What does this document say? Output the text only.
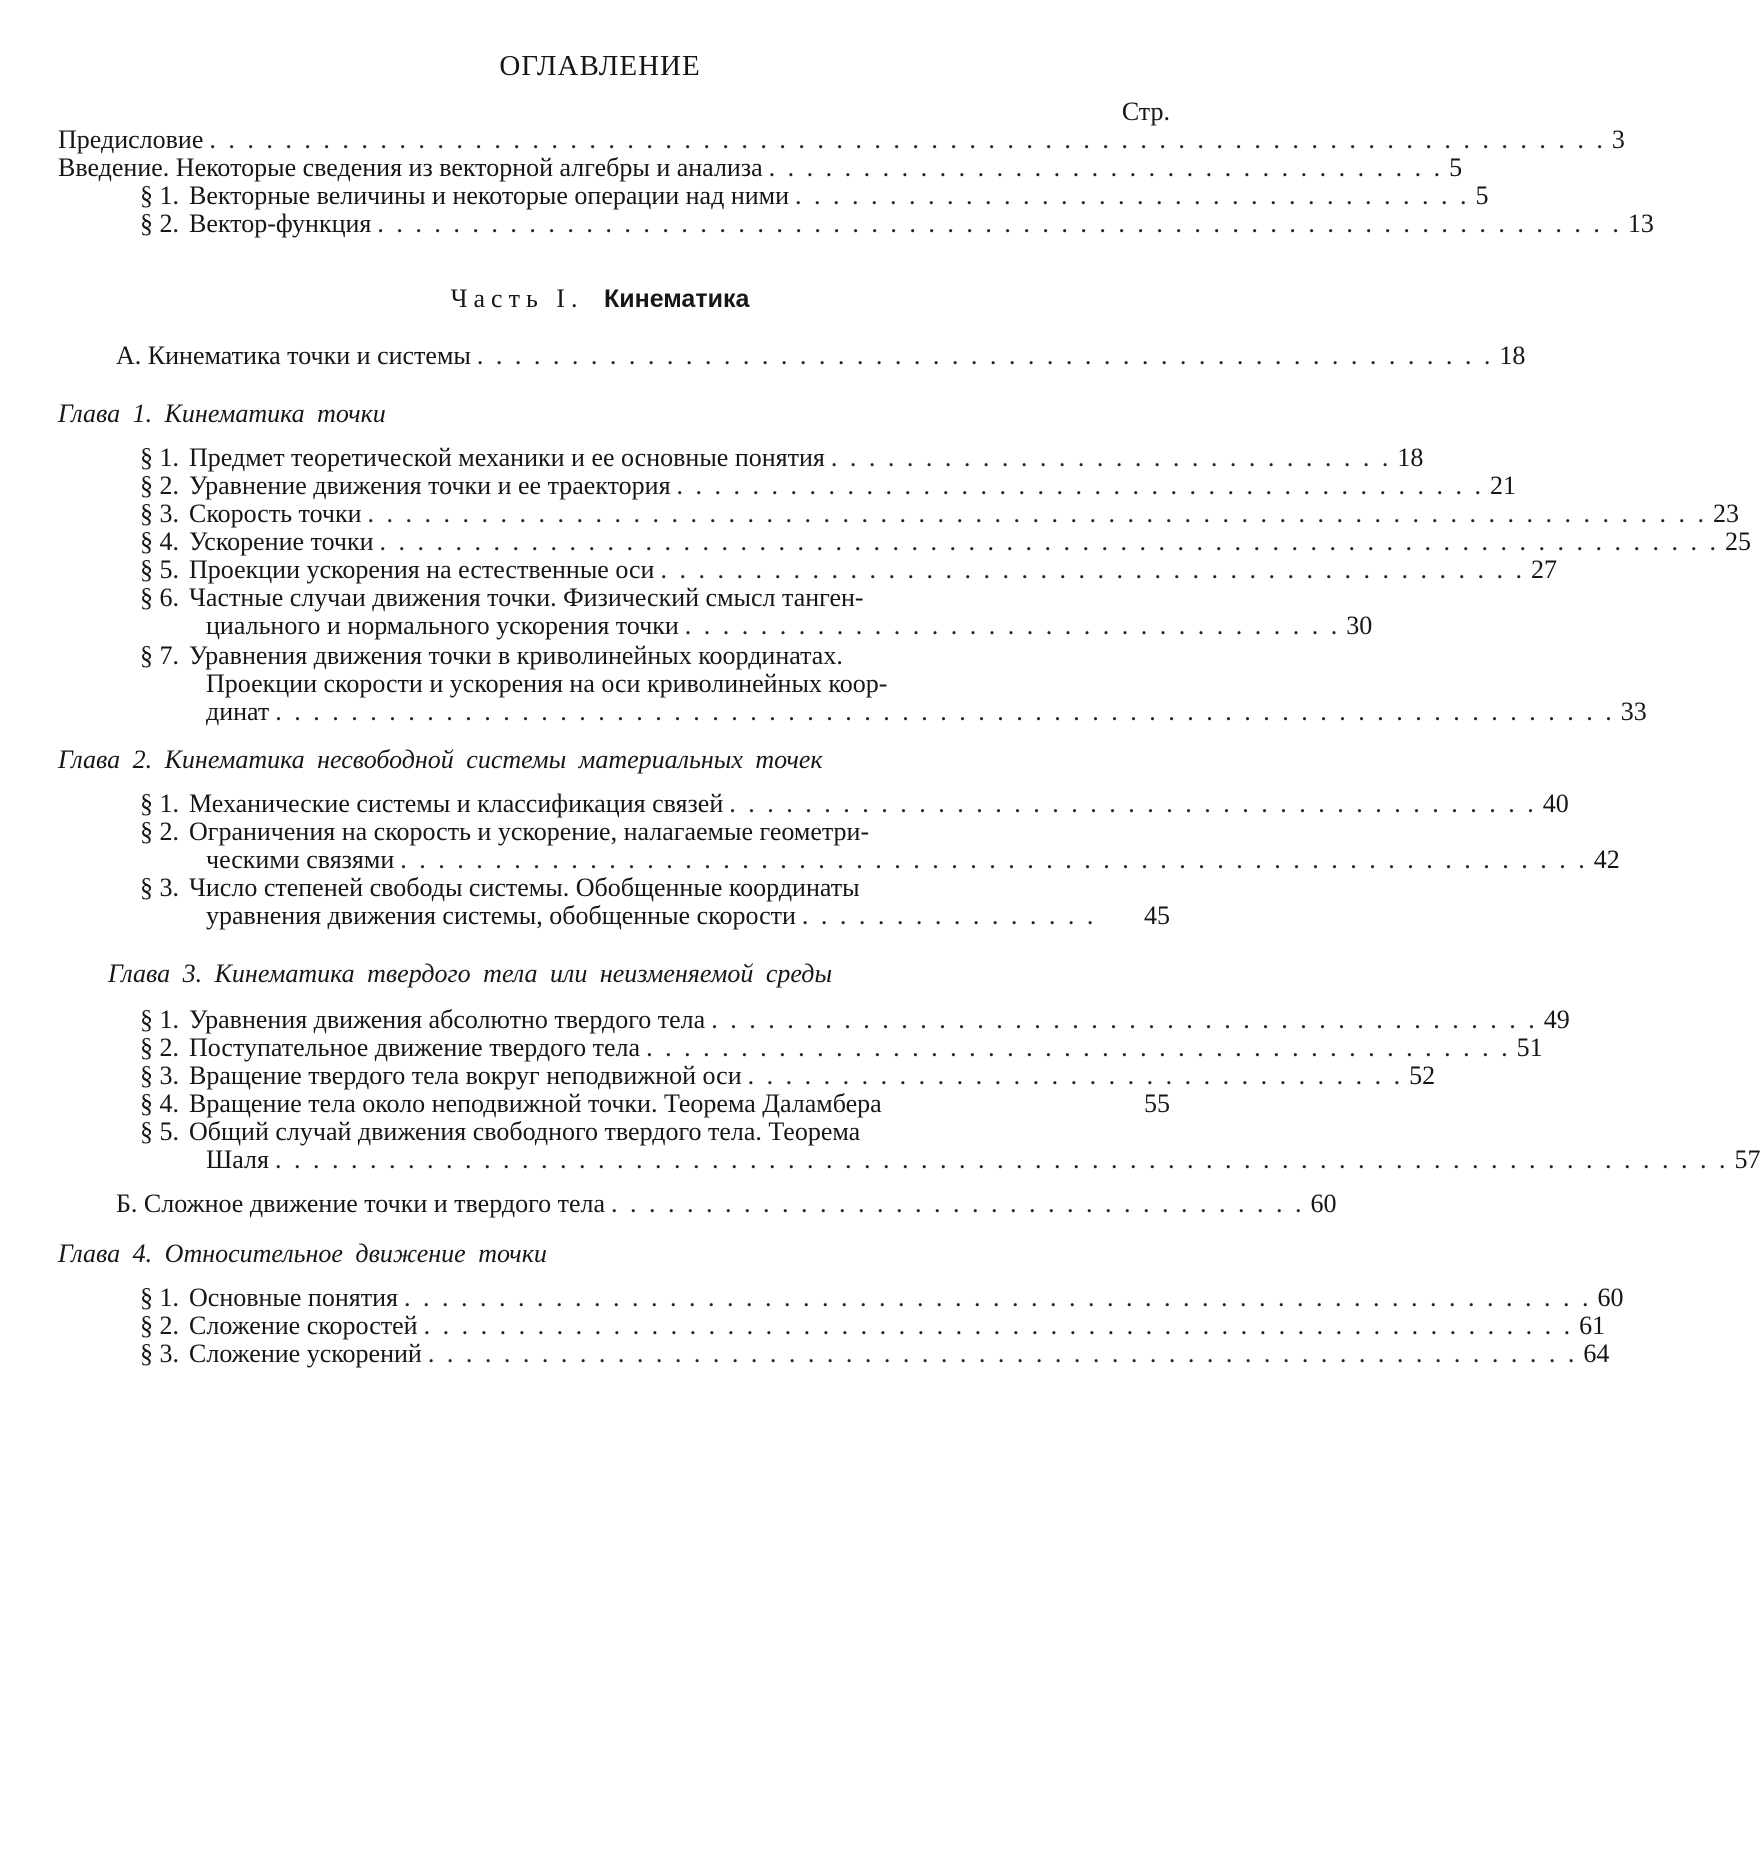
ОГЛАВЛЕНИЕ
Стр.
Предисловие . . . . . . . . . . . . . . . . . . . . . . . . . . . . . . . . . . . . . . . . . . . . . . . . . . . . . . . . . . . . . . . . . . . . . . . . . . 3
Введение. Некоторые сведения из векторной алгебры и анализа . . . . . . . . . . . . . . . . . . . . . . . . . . . . . . . . . . . . 5
§ 1. Векторные величины и некоторые операции над ними . . . . . . . . . . . . . . . . . . . . . . . . . . . . . . . . . . . . 5
§ 2. Вектор-функция . . . . . . . . . . . . . . . . . . . . . . . . . . . . . . . . . . . . . . . . . . . . . . . . . . . . . . . . . . . . . . . . . . 13
Часть I. Кинематика
А. Кинематика точки и системы . . . . . . . . . . . . . . . . . . . . . . . . . . . . . . . . . . . . . . . . . . . . . . . . . . . . . . 18
Глава 1. Кинематика точки
§ 1. Предмет теоретической механики и ее основные понятия . . . . . . . . . . . . . . . . . . . . . . . . . . . . . . 18
§ 2. Уравнение движения точки и ее траектория . . . . . . . . . . . . . . . . . . . . . . . . . . . . . . . . . . . . . . . . . . . 21
§ 3. Скорость точки . . . . . . . . . . . . . . . . . . . . . . . . . . . . . . . . . . . . . . . . . . . . . . . . . . . . . . . . . . . . . . . . . . . . . . . 23
§ 4. Ускорение точки . . . . . . . . . . . . . . . . . . . . . . . . . . . . . . . . . . . . . . . . . . . . . . . . . . . . . . . . . . . . . . . . . . . . . . . 25
§ 5. Проекции ускорения на естественные оси . . . . . . . . . . . . . . . . . . . . . . . . . . . . . . . . . . . . . . . . . . . . . . 27
§ 6. Частные случаи движения точки. Физический смысл танген-
циального и нормального ускорения точки . . . . . . . . . . . . . . . . . . . . . . . . . . . . . . . . . . . 30
§ 7. Уравнения движения точки в криволинейных координатах.
Проекции скорости и ускорения на оси криволинейных коор-
динат . . . . . . . . . . . . . . . . . . . . . . . . . . . . . . . . . . . . . . . . . . . . . . . . . . . . . . . . . . . . . . . . . . . . . . . 33
Глава 2. Кинематика несвободной системы материальных точек
§ 1. Механические системы и классификация связей . . . . . . . . . . . . . . . . . . . . . . . . . . . . . . . . . . . . . . . . . . . 40
§ 2. Ограничения на скорость и ускорение, налагаемые геометри-
ческими связями . . . . . . . . . . . . . . . . . . . . . . . . . . . . . . . . . . . . . . . . . . . . . . . . . . . . . . . . . . . . . . . 42
§ 3. Число степеней свободы системы. Обобщенные координаты
уравнения движения системы, обобщенные скорости . . . . . . . . . . . . . . . .	45
Глава 3. Кинематика твердого тела или неизменяемой среды
§ 1. Уравнения движения абсолютно твердого тела . . . . . . . . . . . . . . . . . . . . . . . . . . . . . . . . . . . . . . . . . . . . 49
§ 2. Поступательное движение твердого тела . . . . . . . . . . . . . . . . . . . . . . . . . . . . . . . . . . . . . . . . . . . . . . 51
§ 3. Вращение твердого тела вокруг неподвижной оси . . . . . . . . . . . . . . . . . . . . . . . . . . . . . . . . . . . 52
§ 4. Вращение тела около неподвижной точки. Теорема Даламбера	55
§ 5. Общий случай движения свободного твердого тела. Теорема
Шаля . . . . . . . . . . . . . . . . . . . . . . . . . . . . . . . . . . . . . . . . . . . . . . . . . . . . . . . . . . . . . . . . . . . . . . . . . . . . . 57
Б. Сложное движение точки и твердого тела . . . . . . . . . . . . . . . . . . . . . . . . . . . . . . . . . . . . . 60
Глава 4. Относительное движение точки
§ 1. Основные понятия . . . . . . . . . . . . . . . . . . . . . . . . . . . . . . . . . . . . . . . . . . . . . . . . . . . . . . . . . . . . . . . 60
§ 2. Сложение скоростей . . . . . . . . . . . . . . . . . . . . . . . . . . . . . . . . . . . . . . . . . . . . . . . . . . . . . . . . . . . . . 61
§ 3. Сложение ускорений . . . . . . . . . . . . . . . . . . . . . . . . . . . . . . . . . . . . . . . . . . . . . . . . . . . . . . . . . . . . . 64
